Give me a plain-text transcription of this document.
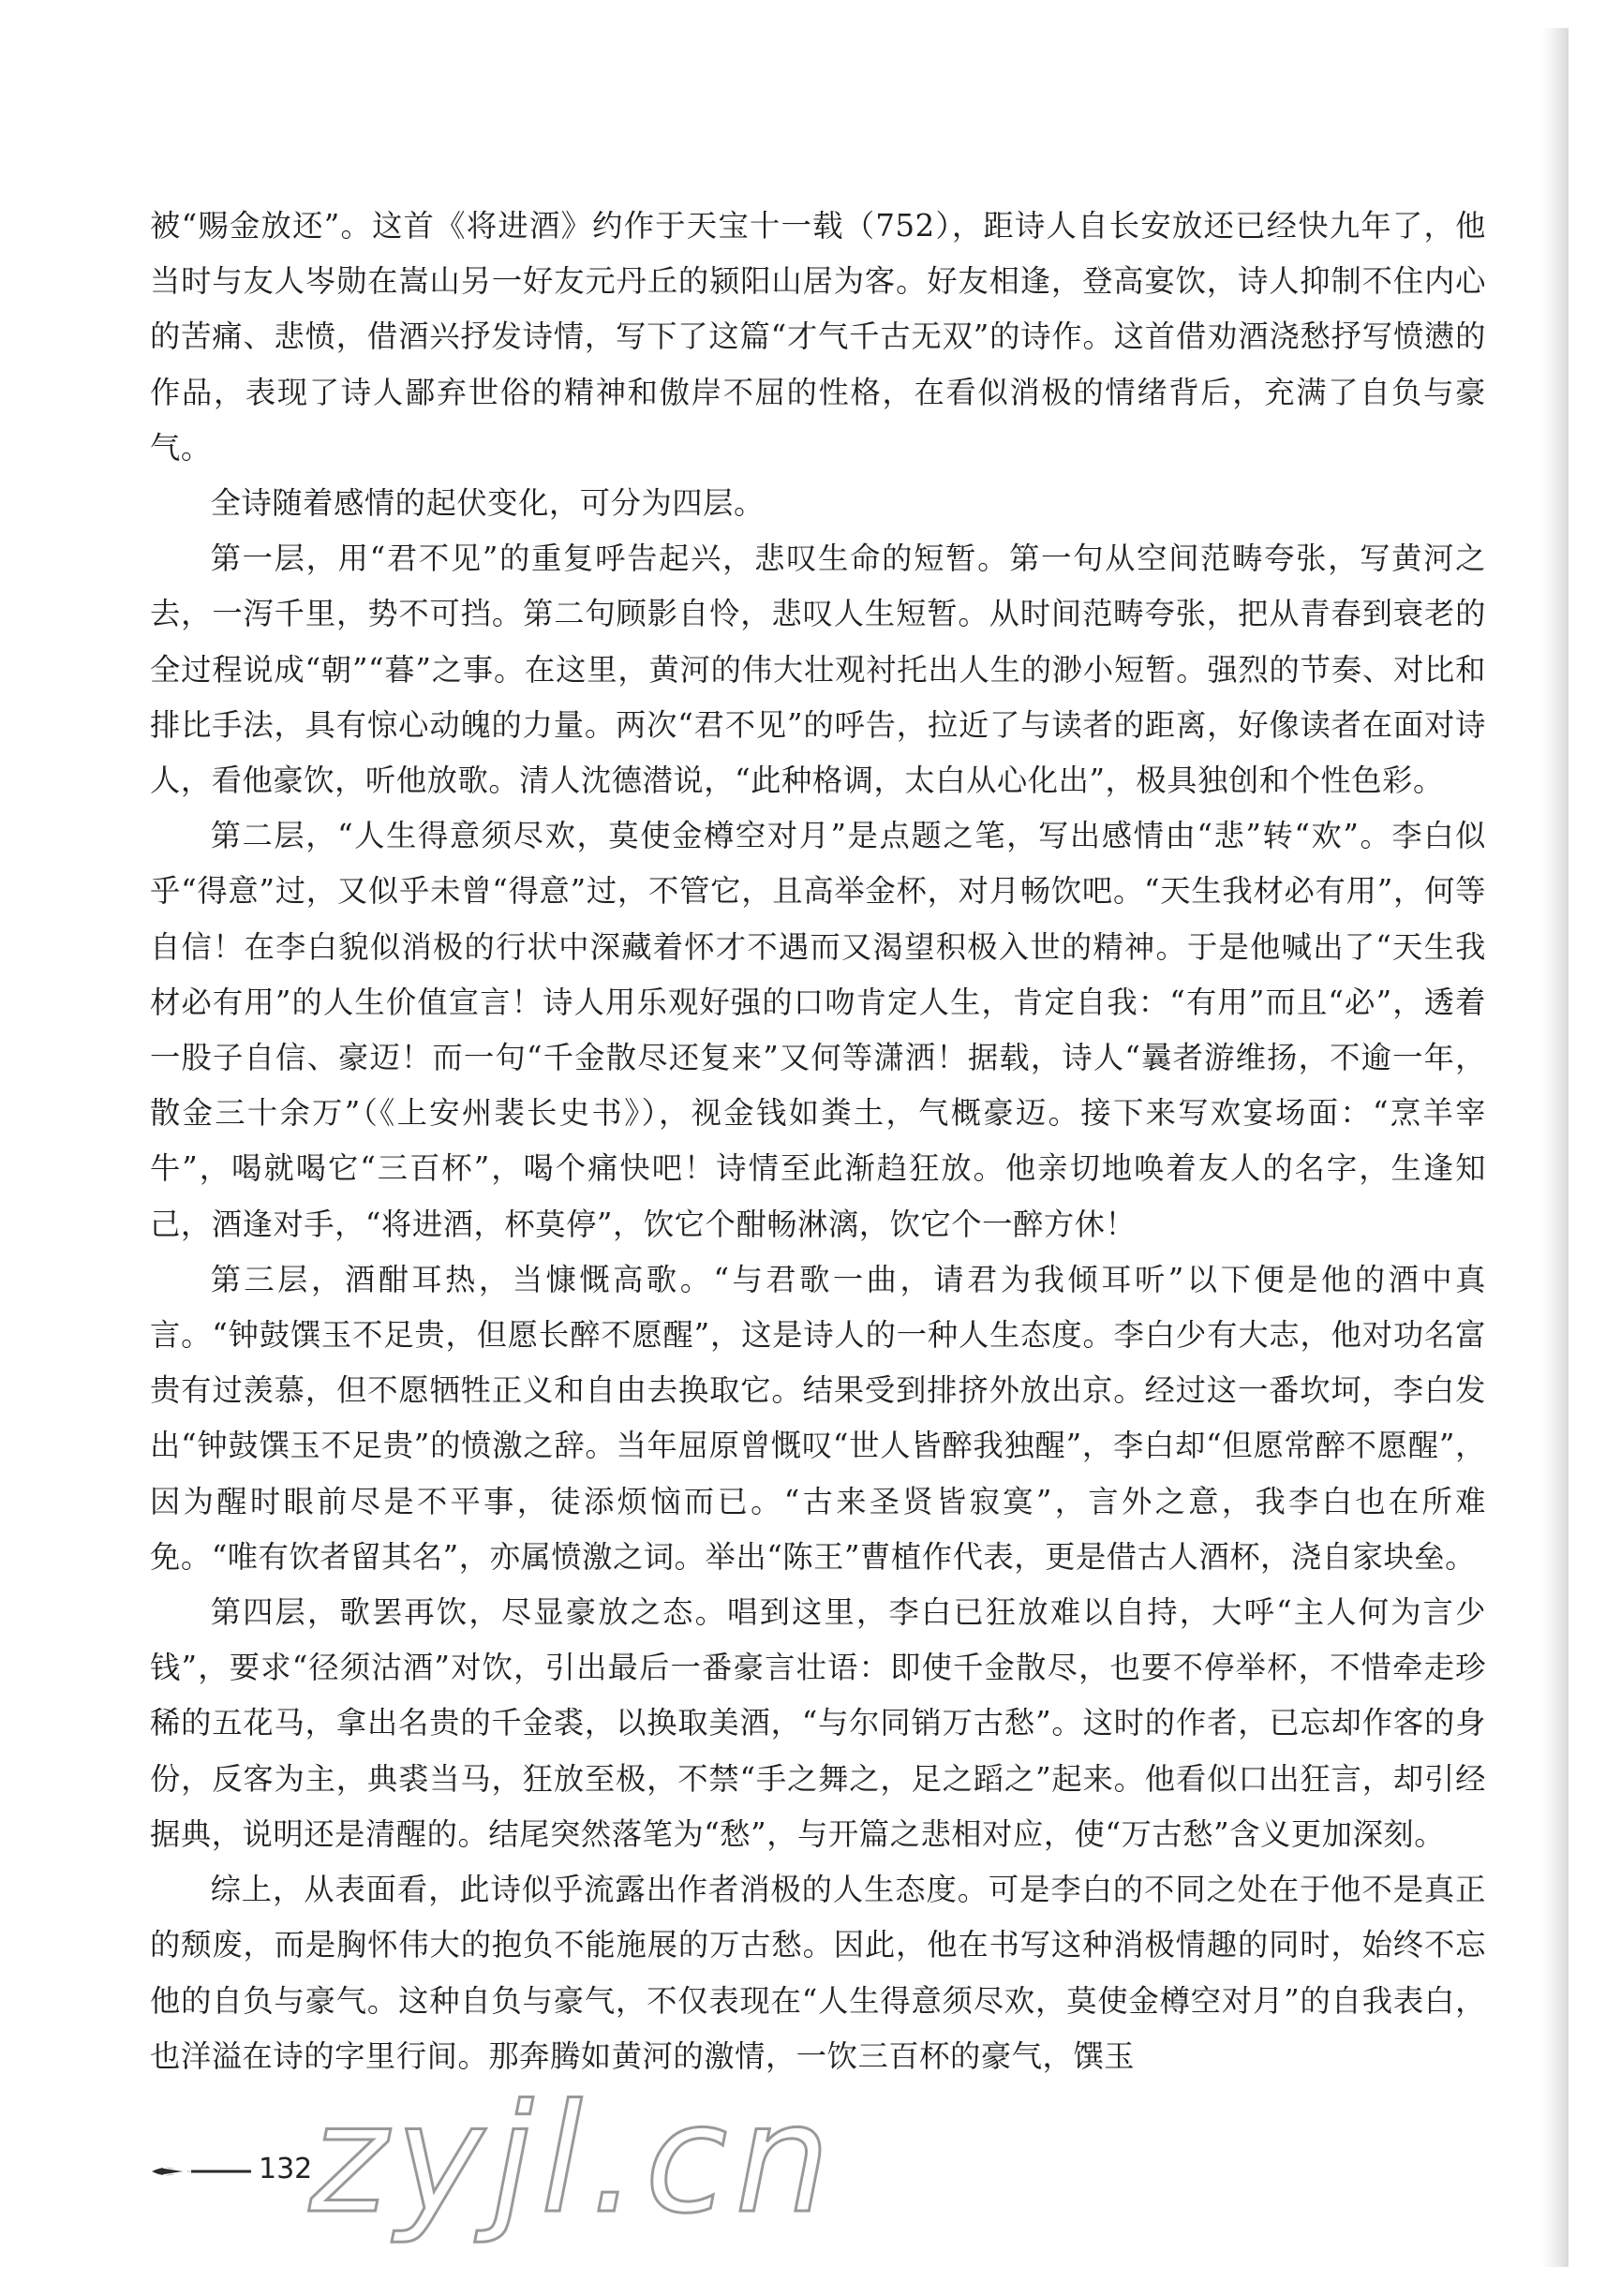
被“赐金放还”。这首《将进酒》约作于天宝十一载（752），距诗人自长安放还已经快九年了，他当时与友人岑勋在嵩山另一好友元丹丘的颍阳山居为客。好友相逢，登高宴饮，诗人抑制不住内心的苦痛、悲愤，借酒兴抒发诗情，写下了这篇“才气千古无双”的诗作。这首借劝酒浇愁抒写愤懑的作品，表现了诗人鄙弃世俗的精神和傲岸不屈的性格，在看似消极的情绪背后，充满了自负与豪气。

全诗随着感情的起伏变化，可分为四层。

第一层，用“君不见”的重复呼告起兴，悲叹生命的短暂。第一句从空间范畴夸张，写黄河之去，一泻千里，势不可挡。第二句顾影自怜，悲叹人生短暂。从时间范畴夸张，把从青春到衰老的全过程说成“朝”“暮”之事。在这里，黄河的伟大壮观衬托出人生的渺小短暂。强烈的节奏、对比和排比手法，具有惊心动魄的力量。两次“君不见”的呼告，拉近了与读者的距离，好像读者在面对诗人，看他豪饮，听他放歌。清人沈德潜说，“此种格调，太白从心化出”，极具独创和个性色彩。

第二层，“人生得意须尽欢，莫使金樽空对月”是点题之笔，写出感情由“悲”转“欢”。李白似乎“得意”过，又似乎未曾“得意”过，不管它，且高举金杯，对月畅饮吧。“天生我材必有用”，何等自信！在李白貌似消极的行状中深藏着怀才不遇而又渴望积极入世的精神。于是他喊出了“天生我材必有用”的人生价值宣言！诗人用乐观好强的口吻肯定人生，肯定自我：“有用”而且“必”，透着一股子自信、豪迈！而一句“千金散尽还复来”又何等潇洒！据载，诗人“曩者游维扬，不逾一年，散金三十余万”（《上安州裴长史书》），视金钱如粪土，气概豪迈。接下来写欢宴场面：“烹羊宰牛”，喝就喝它“三百杯”，喝个痛快吧！诗情至此渐趋狂放。他亲切地唤着友人的名字，生逢知己，酒逢对手，“将进酒，杯莫停”，饮它个酣畅淋漓，饮它个一醉方休！

第三层，酒酣耳热，当慷慨高歌。“与君歌一曲，请君为我倾耳听”以下便是他的酒中真言。“钟鼓馔玉不足贵，但愿长醉不愿醒”，这是诗人的一种人生态度。李白少有大志，他对功名富贵有过羡慕，但不愿牺牲正义和自由去换取它。结果受到排挤外放出京。经过这一番坎坷，李白发出“钟鼓馔玉不足贵”的愤激之辞。当年屈原曾慨叹“世人皆醉我独醒”，李白却“但愿常醉不愿醒”，因为醒时眼前尽是不平事，徒添烦恼而已。“古来圣贤皆寂寞”，言外之意，我李白也在所难免。“唯有饮者留其名”，亦属愤激之词。举出“陈王”曹植作代表，更是借古人酒杯，浇自家块垒。

第四层，歌罢再饮，尽显豪放之态。唱到这里，李白已狂放难以自持，大呼“主人何为言少钱”，要求“径须沽酒”对饮，引出最后一番豪言壮语：即使千金散尽，也要不停举杯，不惜牵走珍稀的五花马，拿出名贵的千金裘，以换取美酒，“与尔同销万古愁”。这时的作者，已忘却作客的身份，反客为主，典裘当马，狂放至极，不禁“手之舞之，足之蹈之”起来。他看似口出狂言，却引经据典，说明还是清醒的。结尾突然落笔为“愁”，与开篇之悲相对应，使“万古愁”含义更加深刻。

综上，从表面看，此诗似乎流露出作者消极的人生态度。可是李白的不同之处在于他不是真正的颓废，而是胸怀伟大的抱负不能施展的万古愁。因此，他在书写这种消极情趣的同时，始终不忘他的自负与豪气。这种自负与豪气，不仅表现在“人生得意须尽欢，莫使金樽空对月”的自我表白，也洋溢在诗的字里行间。那奔腾如黄河的激情，一饮三百杯的豪气，馔玉

132
zyjl.cn
